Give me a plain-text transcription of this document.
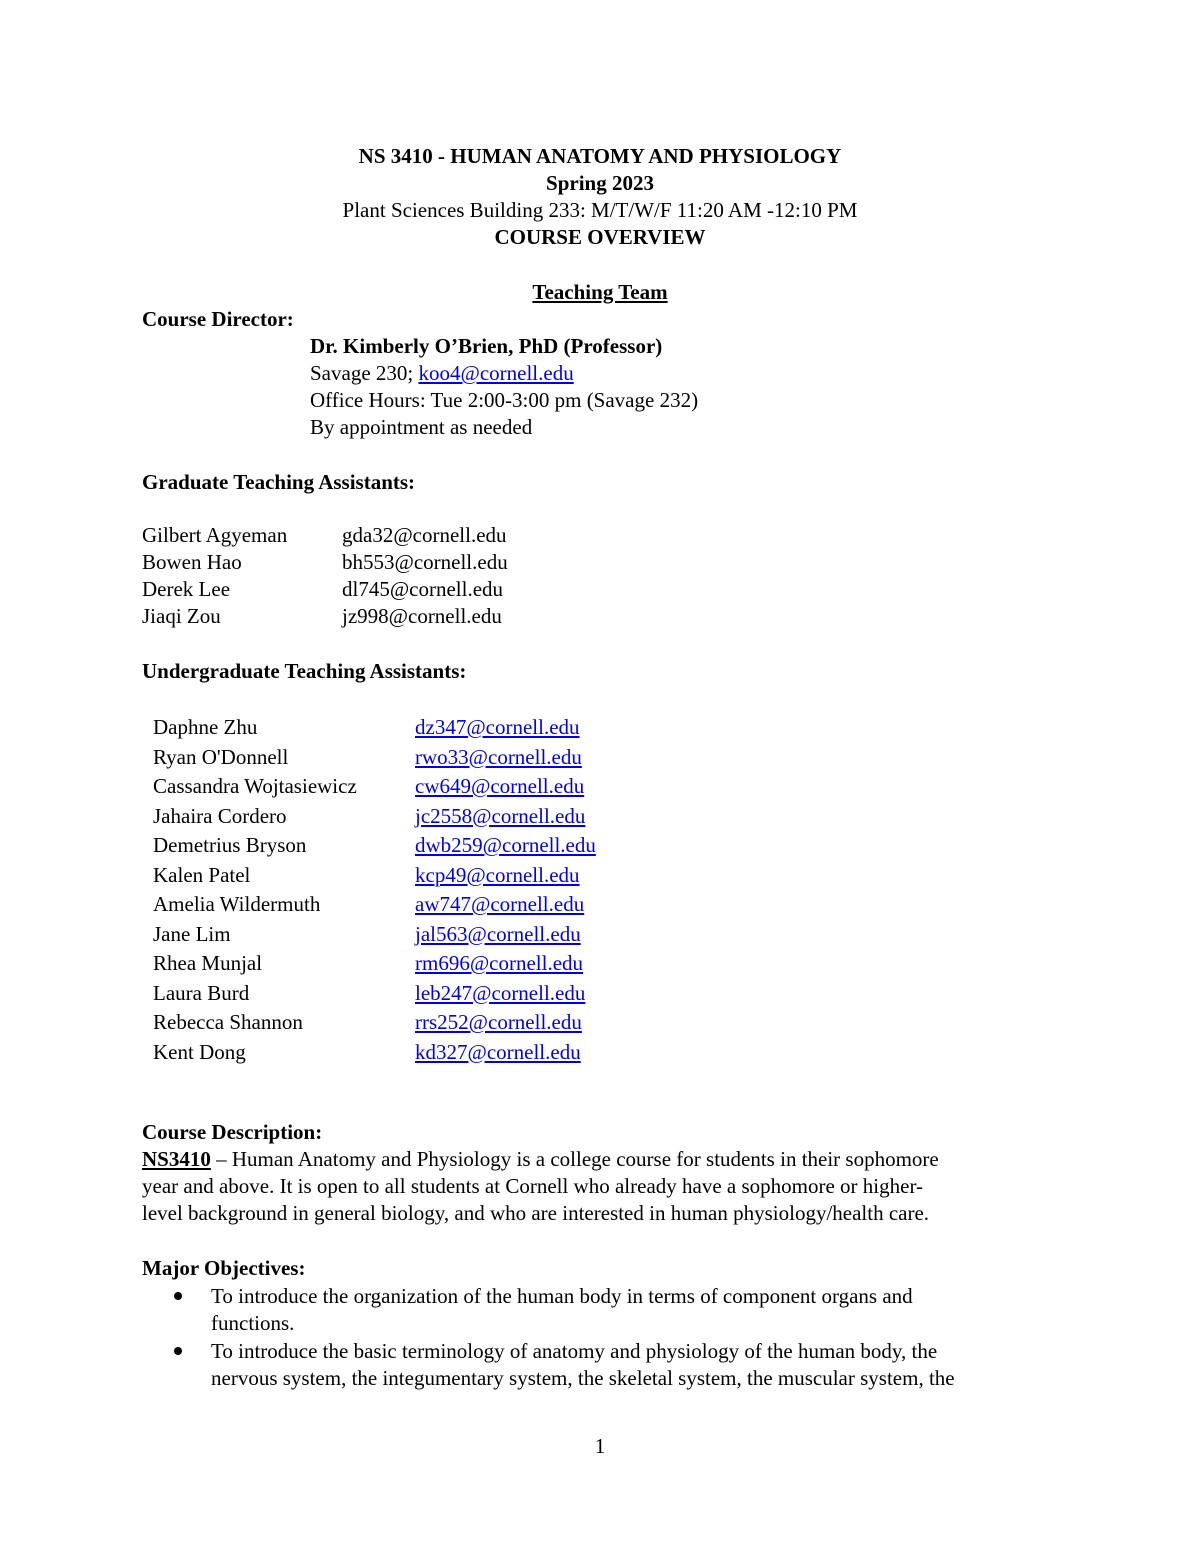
NS 3410 - HUMAN ANATOMY AND PHYSIOLOGY
Spring 2023
Plant Sciences Building 233: M/T/W/F 11:20 AM -12:10 PM
COURSE OVERVIEW
Teaching Team
Course Director:
Dr. Kimberly O’Brien, PhD (Professor)
Savage 230; koo4@cornell.edu
Office Hours: Tue 2:00-3:00 pm (Savage 232)
By appointment as needed
Graduate Teaching Assistants:
Gilbert Agyeman	gda32@cornell.edu
Bowen Hao	bh553@cornell.edu
Derek Lee	dl745@cornell.edu
Jiaqi Zou	jz998@cornell.edu
Undergraduate Teaching Assistants:
Daphne Zhu	dz347@cornell.edu
Ryan O'Donnell	rwo33@cornell.edu
Cassandra Wojtasiewicz	cw649@cornell.edu
Jahaira Cordero	jc2558@cornell.edu
Demetrius Bryson	dwb259@cornell.edu
Kalen Patel	kcp49@cornell.edu
Amelia Wildermuth	aw747@cornell.edu
Jane Lim	jal563@cornell.edu
Rhea Munjal	rm696@cornell.edu
Laura Burd	leb247@cornell.edu
Rebecca Shannon	rrs252@cornell.edu
Kent Dong	kd327@cornell.edu
Course Description:
NS3410 – Human Anatomy and Physiology is a college course for students in their sophomore
year and above. It is open to all students at Cornell who already have a sophomore or higher-
level background in general biology, and who are interested in human physiology/health care.
Major Objectives:
To introduce the organization of the human body in terms of component organs and
functions.
To introduce the basic terminology of anatomy and physiology of the human body, the
nervous system, the integumentary system, the skeletal system, the muscular system, the
1
